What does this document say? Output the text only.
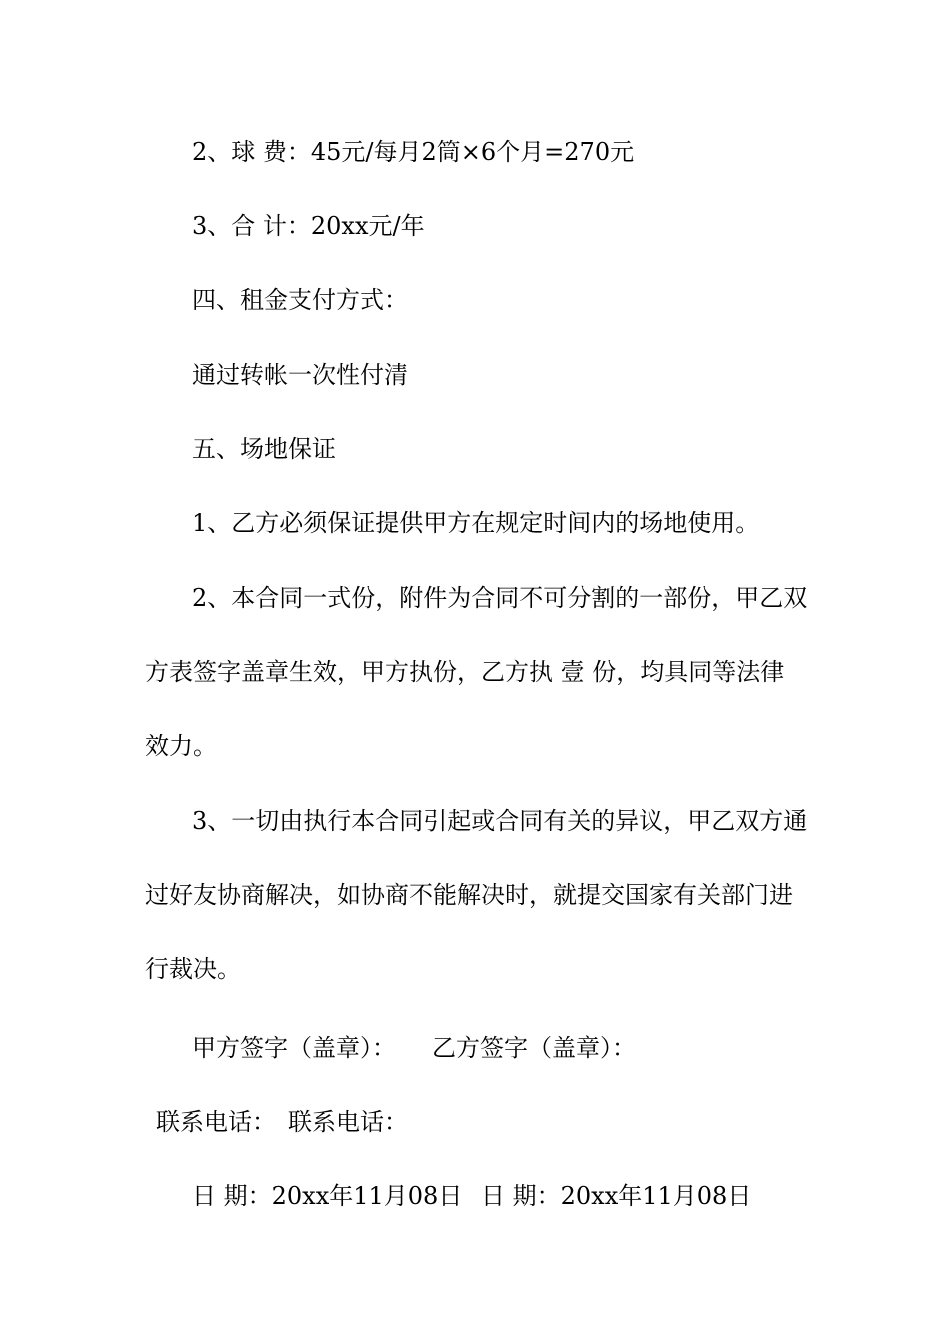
2、球 费：45元/每月2筒×6个月=270元
3、合 计：20xx元/年
四、租金支付方式：
通过转帐一次性付清
五、场地保证
1、乙方必须保证提供甲方在规定时间内的场地使用。
2、本合同一式份，附件为合同不可分割的一部份，甲乙双
方表签字盖章生效，甲方执份，乙方执 壹 份，均具同等法律
效力。
3、一切由执行本合同引起或合同有关的异议，甲乙双方通
过好友协商解决，如协商不能解决时，就提交国家有关部门进
行裁决。
甲方签字（盖章）： 乙方签字（盖章）：
联系电话： 联系电话：
日 期：20xx年11月08日 日 期：20xx年11月08日
